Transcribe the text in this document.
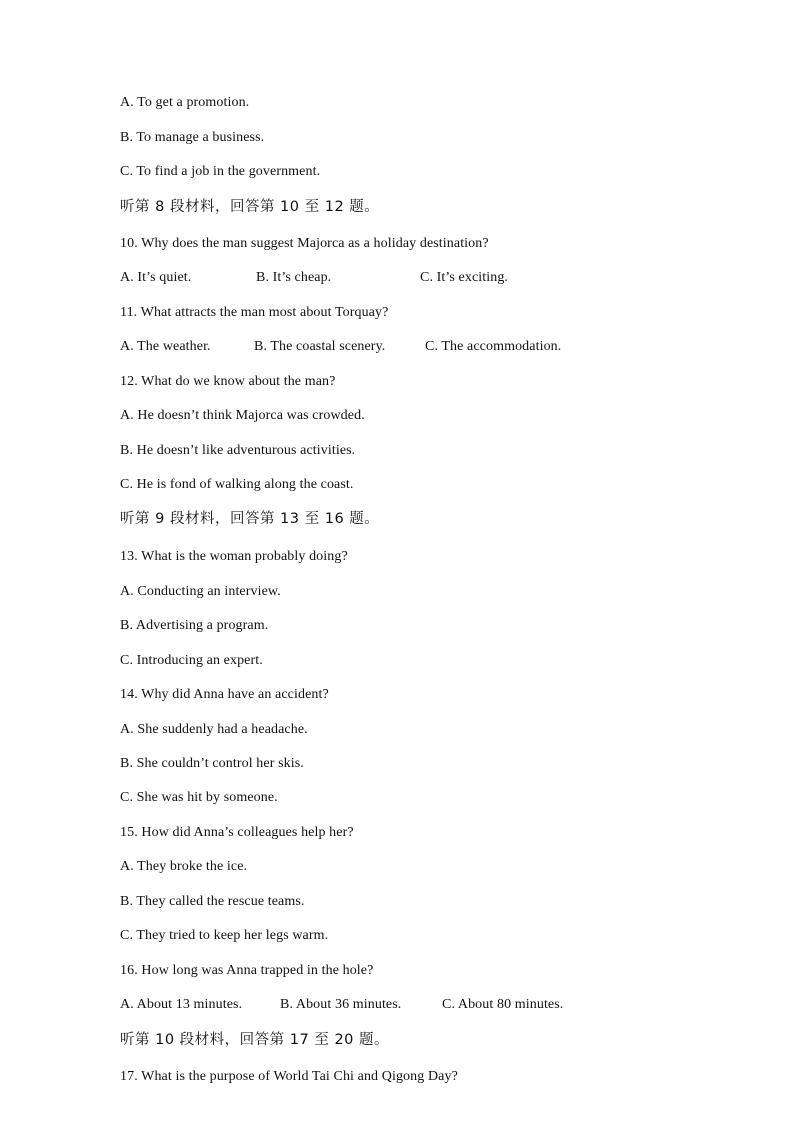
A. To get a promotion.
B. To manage a business.
C. To find a job in the government.
听第 8 段材料，回答第 10 至 12 题。
10. Why does the man suggest Majorca as a holiday destination?
A. It’s quiet.	B. It’s cheap.	C. It’s exciting.
11. What attracts the man most about Torquay?
A. The weather.	B. The coastal scenery.	C. The accommodation.
12. What do we know about the man?
A. He doesn’t think Majorca was crowded.
B. He doesn’t like adventurous activities.
C. He is fond of walking along the coast.
听第 9 段材料，回答第 13 至 16 题。
13. What is the woman probably doing?
A. Conducting an interview.
B. Advertising a program.
C. Introducing an expert.
14. Why did Anna have an accident?
A. She suddenly had a headache.
B. She couldn’t control her skis.
C. She was hit by someone.
15. How did Anna’s colleagues help her?
A. They broke the ice.
B. They called the rescue teams.
C. They tried to keep her legs warm.
16. How long was Anna trapped in the hole?
A. About 13 minutes.	B. About 36 minutes.	C. About 80 minutes.
听第 10 段材料，回答第 17 至 20 题。
17. What is the purpose of World Tai Chi and Qigong Day?
